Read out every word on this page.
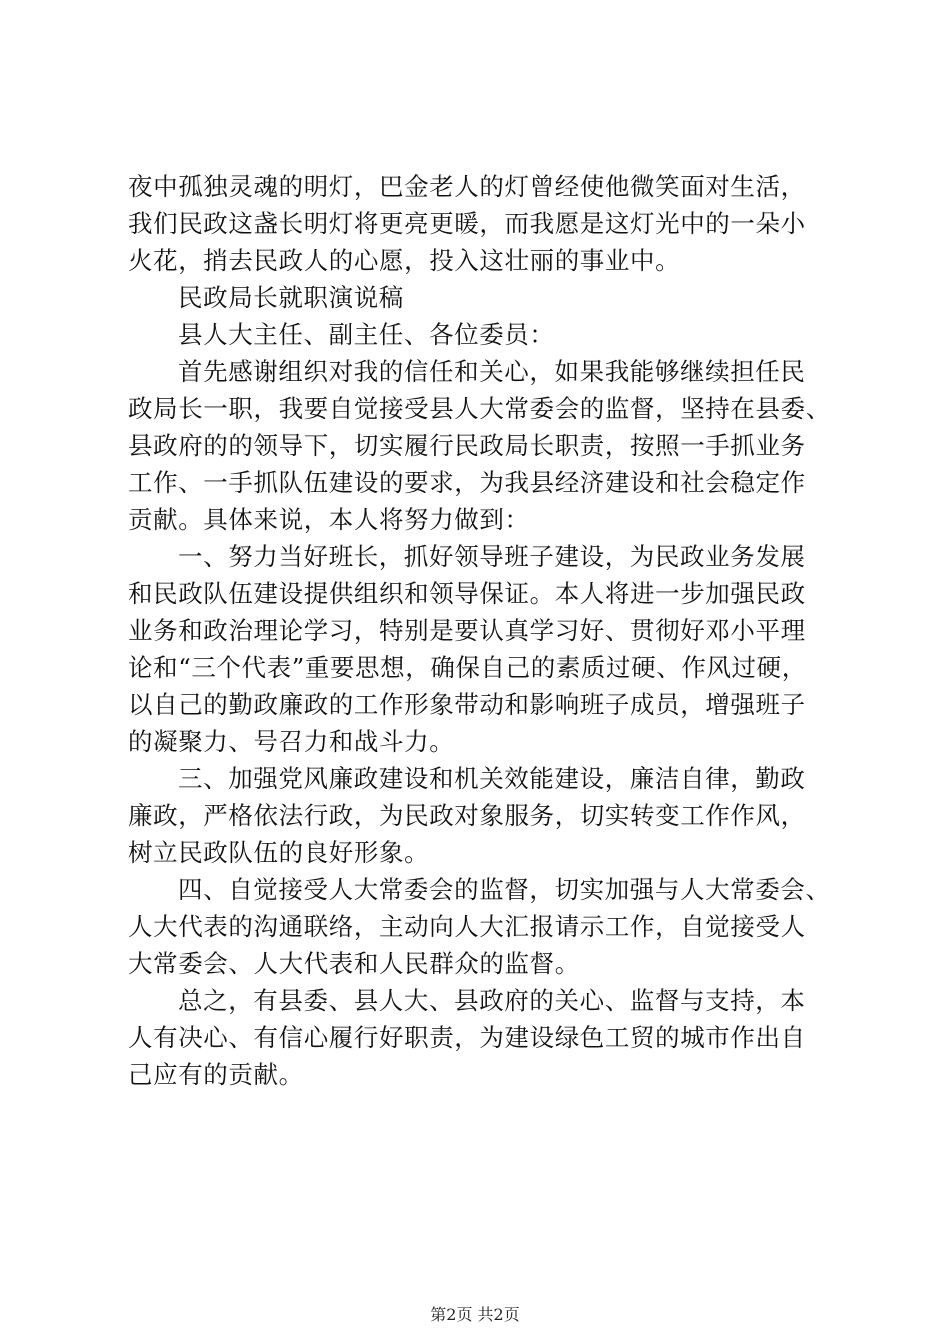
夜中孤独灵魂的明灯，巴金老人的灯曾经使他微笑面对生活，
我们民政这盏长明灯将更亮更暖，而我愿是这灯光中的一朵小
火花，捎去民政人的心愿，投入这壮丽的事业中。
民政局长就职演说稿
县人大主任、副主任、各位委员：
首先感谢组织对我的信任和关心，如果我能够继续担任民
政局长一职，我要自觉接受县人大常委会的监督，坚持在县委、
县政府的的领导下，切实履行民政局长职责，按照一手抓业务
工作、一手抓队伍建设的要求，为我县经济建设和社会稳定作
贡献。具体来说，本人将努力做到：
一、努力当好班长，抓好领导班子建设，为民政业务发展
和民政队伍建设提供组织和领导保证。本人将进一步加强民政
业务和政治理论学习，特别是要认真学习好、贯彻好邓小平理
论和“三个代表”重要思想，确保自己的素质过硬、作风过硬，
以自己的勤政廉政的工作形象带动和影响班子成员，增强班子
的凝聚力、号召力和战斗力。
三、加强党风廉政建设和机关效能建设，廉洁自律，勤政
廉政，严格依法行政，为民政对象服务，切实转变工作作风，
树立民政队伍的良好形象。
四、自觉接受人大常委会的监督，切实加强与人大常委会、
人大代表的沟通联络，主动向人大汇报请示工作，自觉接受人
大常委会、人大代表和人民群众的监督。
总之，有县委、县人大、县政府的关心、监督与支持，本
人有决心、有信心履行好职责，为建设绿色工贸的城市作出自
己应有的贡献。
第2页 共2页
